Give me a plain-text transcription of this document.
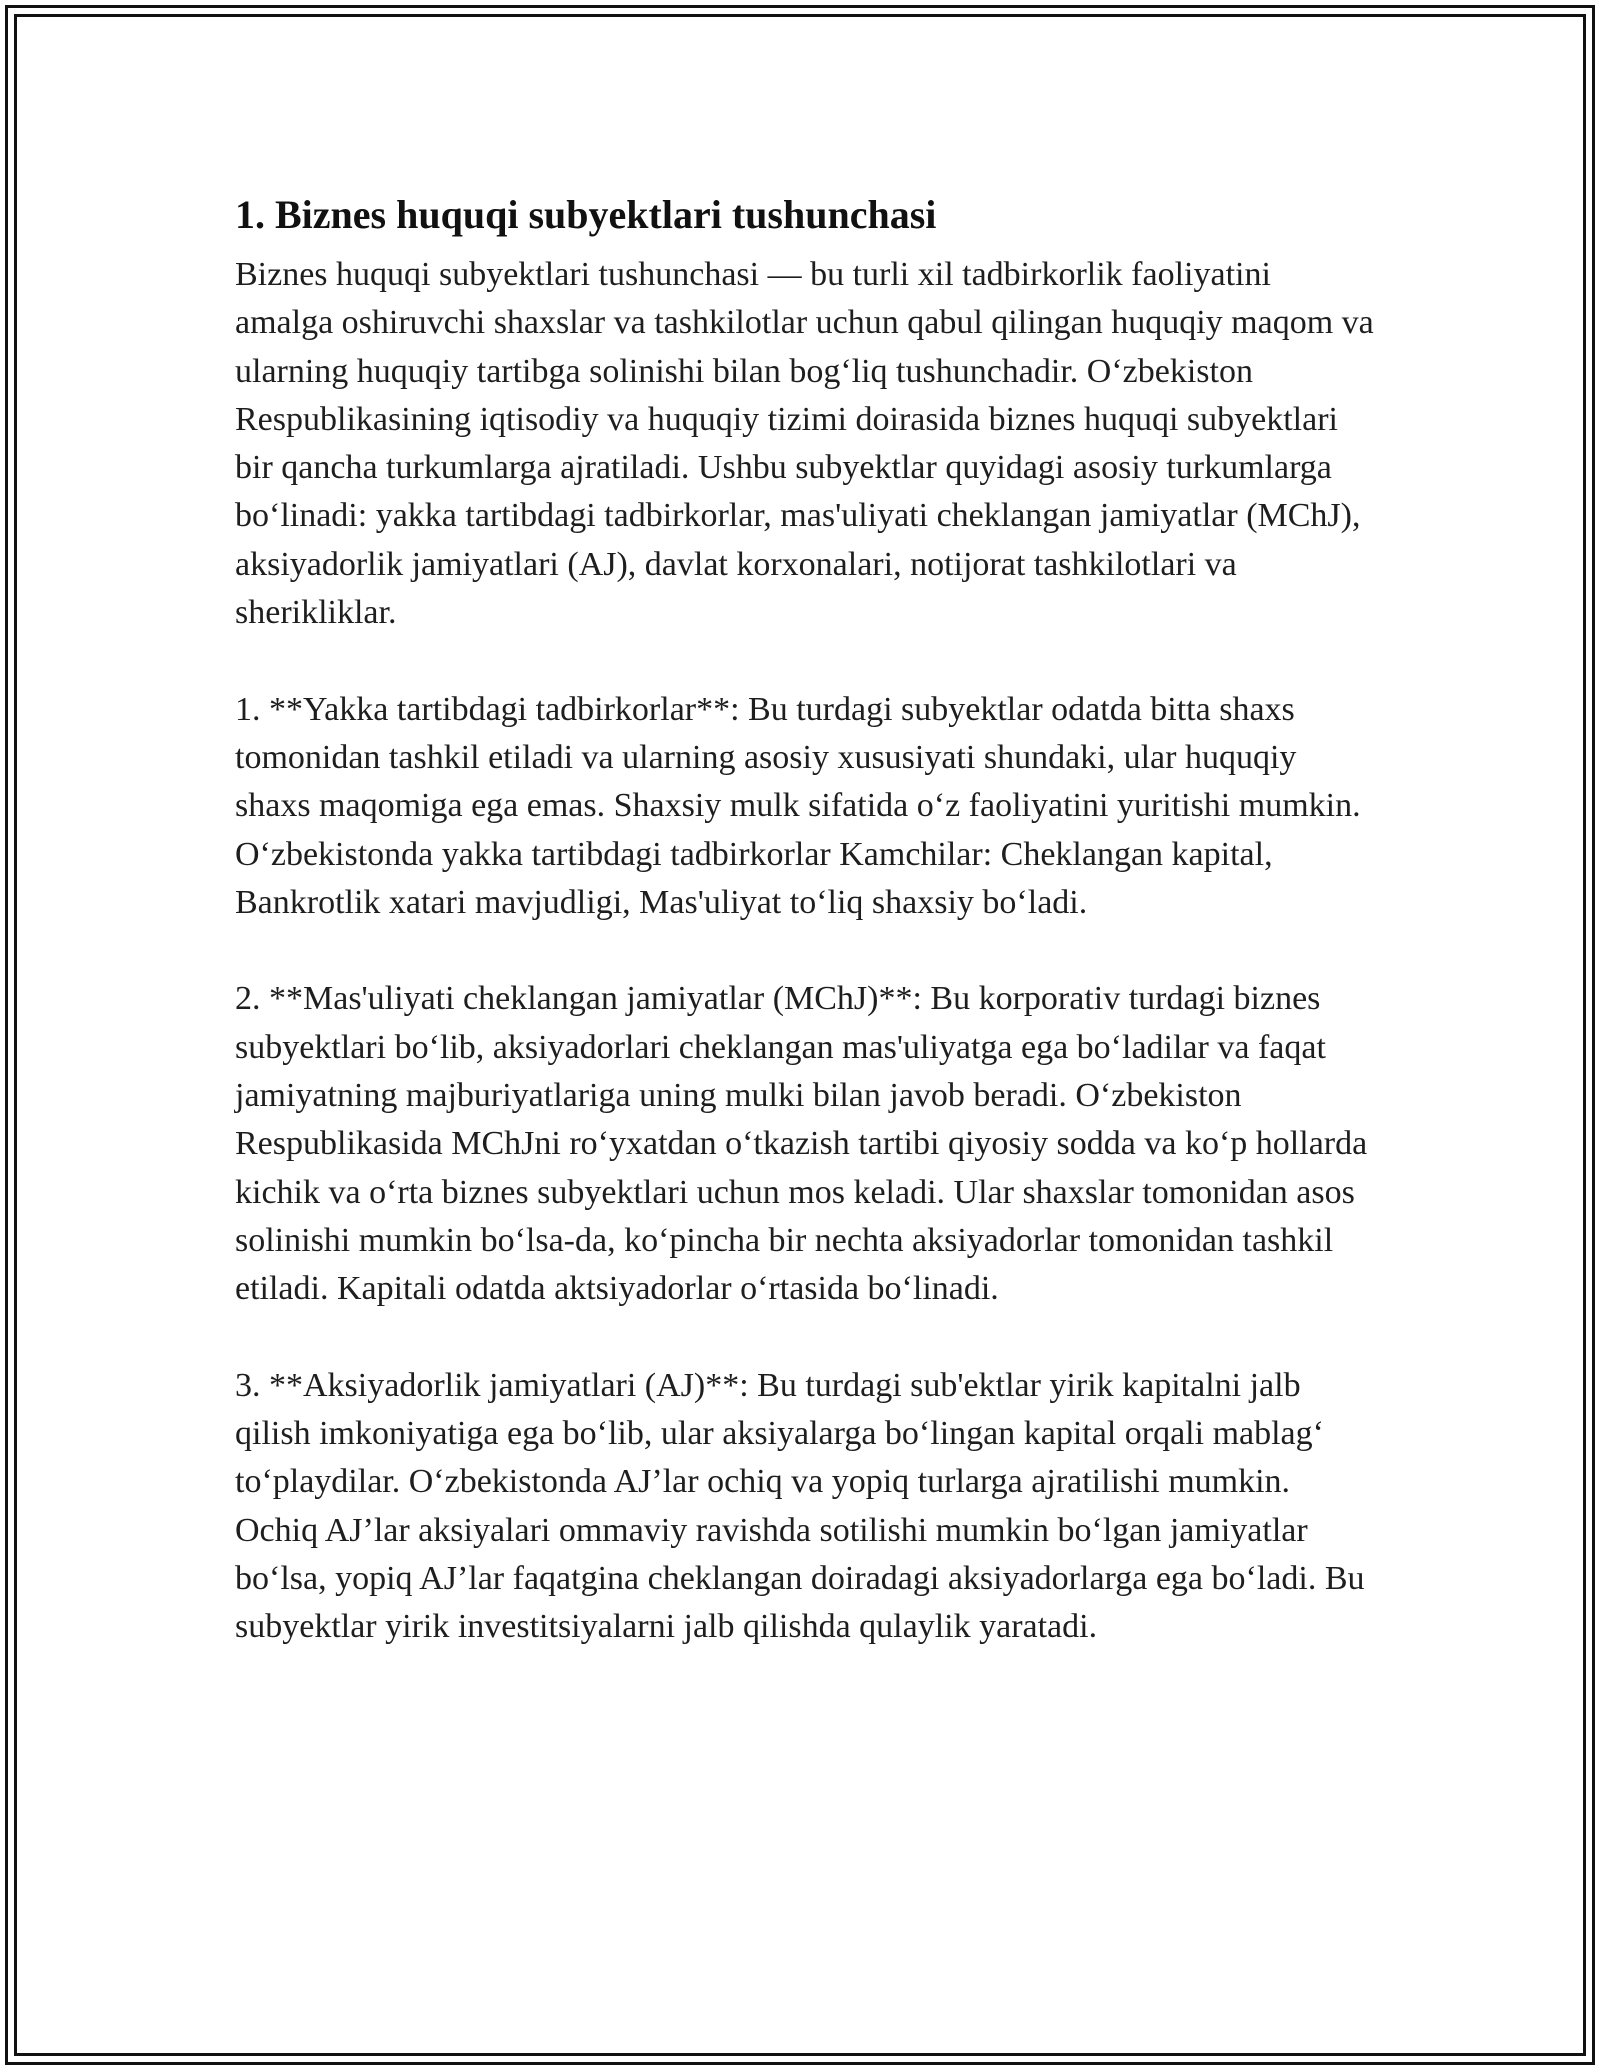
1. Biznes huquqi subyektlari tushunchasi

Biznes huquqi subyektlari tushunchasi — bu turli xil tadbirkorlik faoliyatini amalga oshiruvchi shaxslar va tashkilotlar uchun qabul qilingan huquqiy maqom va ularning huquqiy tartibga solinishi bilan bog‘liq tushunchadir. O‘zbekiston Respublikasining iqtisodiy va huquqiy tizimi doirasida biznes huquqi subyektlari bir qancha turkumlarga ajratiladi. Ushbu subyektlar quyidagi asosiy turkumlarga bo‘linadi: yakka tartibdagi tadbirkorlar, mas'uliyati cheklangan jamiyatlar (MChJ), aksiyadorlik jamiyatlari (AJ), davlat korxonalari, notijorat tashkilotlari va sherikliklar.

1. **Yakka tartibdagi tadbirkorlar**: Bu turdagi subyektlar odatda bitta shaxs tomonidan tashkil etiladi va ularning asosiy xususiyati shundaki, ular huquqiy shaxs maqomiga ega emas. Shaxsiy mulk sifatida o‘z faoliyatini yuritishi mumkin. O‘zbekistonda yakka tartibdagi tadbirkorlar Kamchilar: Cheklangan kapital, Bankrotlik xatari mavjudligi, Mas'uliyat to‘liq shaxsiy bo‘ladi.

2. **Mas'uliyati cheklangan jamiyatlar (MChJ)**: Bu korporativ turdagi biznes subyektlari bo‘lib, aksiyadorlari cheklangan mas'uliyatga ega bo‘ladilar va faqat jamiyatning majburiyatlariga uning mulki bilan javob beradi. O‘zbekiston Respublikasida MChJni ro‘yxatdan o‘tkazish tartibi qiyosiy sodda va ko‘p hollarda kichik va o‘rta biznes subyektlari uchun mos keladi. Ular shaxslar tomonidan asos solinishi mumkin bo‘lsa-da, ko‘pincha bir nechta aksiyadorlar tomonidan tashkil etiladi. Kapitali odatda aktsiyadorlar o‘rtasida bo‘linadi.

3. **Aksiyadorlik jamiyatlari (AJ)**: Bu turdagi sub'ektlar yirik kapitalni jalb qilish imkoniyatiga ega bo‘lib, ular aksiyalarga bo‘lingan kapital orqali mablag‘ to‘playdilar. O‘zbekistonda AJ’lar ochiq va yopiq turlarga ajratilishi mumkin. Ochiq AJ’lar aksiyalari ommaviy ravishda sotilishi mumkin bo‘lgan jamiyatlar bo‘lsa, yopiq AJ’lar faqatgina cheklangan doiradagi aksiyadorlarga ega bo‘ladi. Bu subyektlar yirik investitsiyalarni jalb qilishda qulaylik yaratadi.
